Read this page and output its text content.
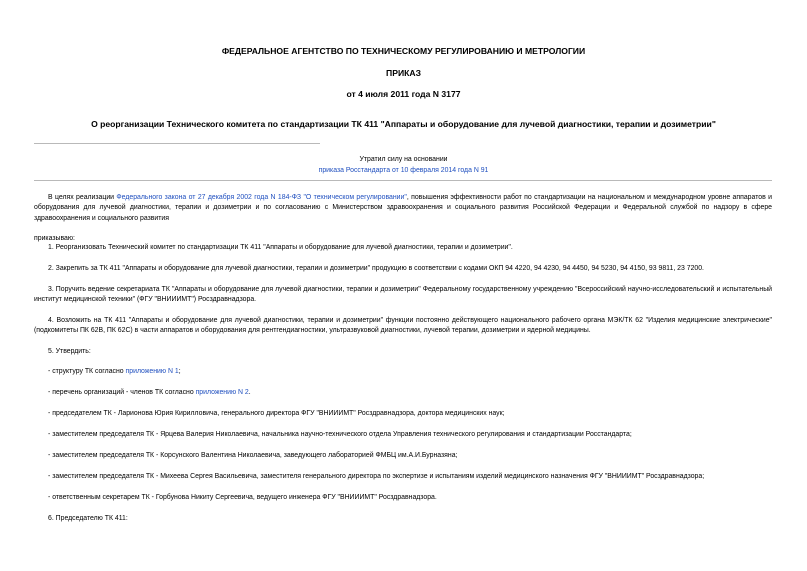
ФЕДЕРАЛЬНОЕ АГЕНТСТВО ПО ТЕХНИЧЕСКОМУ РЕГУЛИРОВАНИЮ И МЕТРОЛОГИИ
ПРИКАЗ
от 4 июля 2011 года N 3177
О реорганизации Технического комитета по стандартизации ТК 411 "Аппараты и оборудование для лучевой диагностики, терапии и дозиметрии"
Утратил силу на основании
приказа Росстандарта от 10 февраля 2014 года N 91
В целях реализации Федерального закона от 27 декабря 2002 года N 184-ФЗ "О техническом регулировании", повышения эффективности работ по стандартизации на национальном и международном уровне аппаратов и оборудования для лучевой диагностики, терапии и дозиметрии и по согласованию с Министерством здравоохранения и социального развития Российской Федерации и Федеральной службой по надзору в сфере здравоохранения и социального развития
приказываю:
1. Реорганизовать Технический комитет по стандартизации ТК 411 "Аппараты и оборудование для лучевой диагностики, терапии и дозиметрии".
2. Закрепить за ТК 411 "Аппараты и оборудование для лучевой диагностики, терапии и дозиметрии" продукцию в соответствии с кодами ОКП 94 4220, 94 4230, 94 4450, 94 5230, 94 4150, 93 9811, 23 7200.
3. Поручить ведение секретариата ТК "Аппараты и оборудование для лучевой диагностики, терапии и дозиметрии" Федеральному государственному учреждению "Всероссийский научно-исследовательский и испытательный институт медицинской техники" (ФГУ "ВНИИИМТ") Росздравнадзора.
4. Возложить на ТК 411 "Аппараты и оборудование для лучевой диагностики, терапии и дозиметрии" функции постоянно действующего национального рабочего органа МЭК/ТК 62 "Изделия медицинские электрические" (подкомитеты ПК 62В, ПК 62С) в части аппаратов и оборудования для рентгендиагностики, ультразвуковой диагностики, лучевой терапии, дозиметрии и ядерной медицины.
5. Утвердить:
- структуру ТК согласно приложению N 1;
- перечень организаций - членов ТК согласно приложению N 2.
- председателем ТК - Ларионова Юрия Кирилловича, генерального директора ФГУ "ВНИИИМТ" Росздравнадзора, доктора медицинских наук;
- заместителем председателя ТК - Ярцева Валерия Николаевича, начальника научно-технического отдела Управления технического регулирования и стандартизации Росстандарта;
- заместителем председателя ТК - Корсунского Валентина Николаевича, заведующего лабораторией ФМБЦ им.А.И.Бурназяна;
- заместителем председателя ТК - Михеева Сергея Васильевича, заместителя генерального директора по экспертизе и испытаниям изделий медицинского назначения ФГУ "ВНИИИМТ" Росздравнадзора;
- ответственным секретарем ТК - Горбунова Никиту Сергеевича, ведущего инженера ФГУ "ВНИИИМТ" Росздравнадзора.
6. Председателю ТК 411:
